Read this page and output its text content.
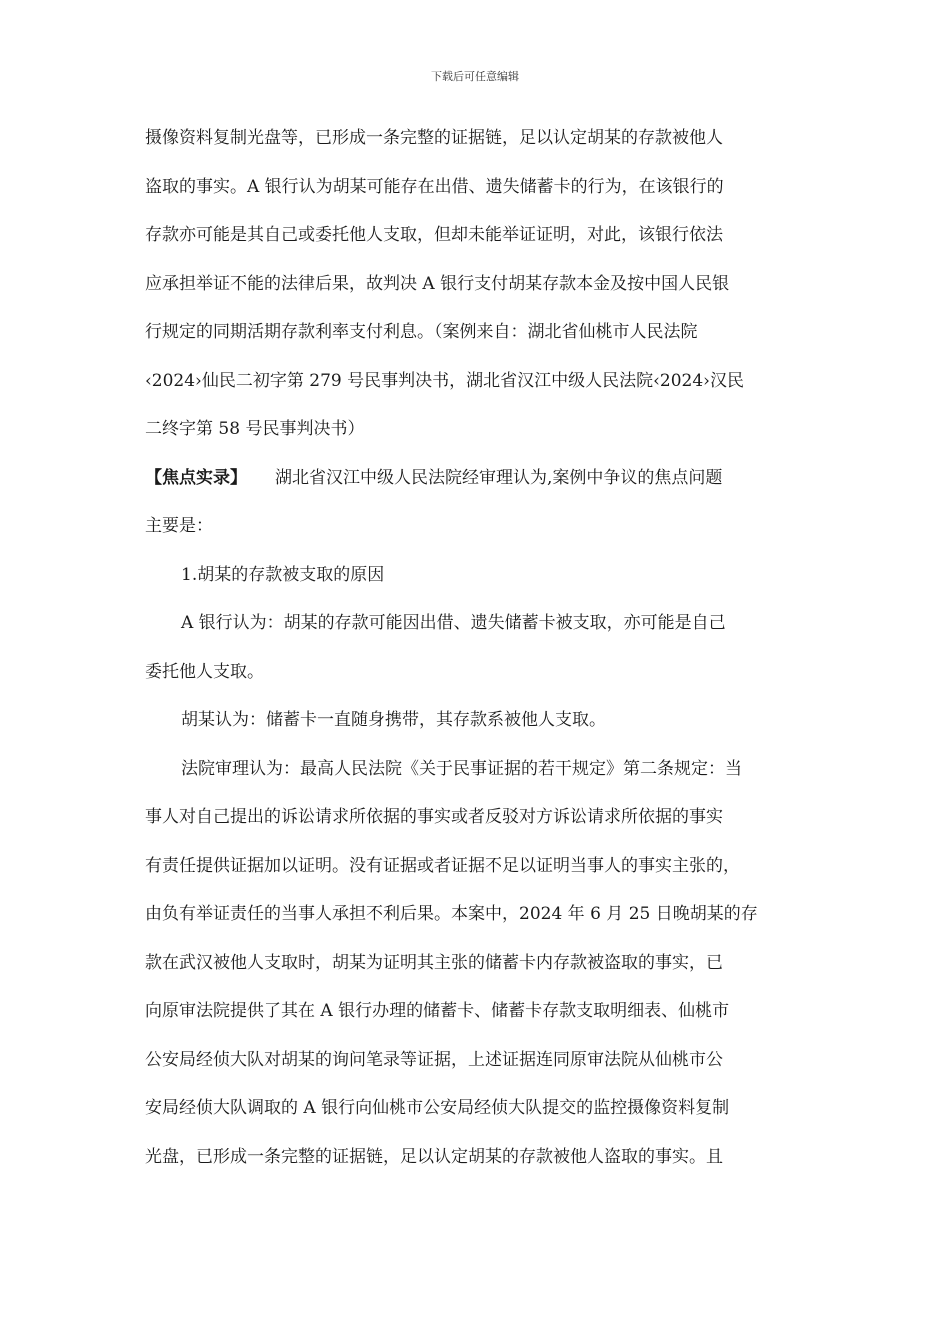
下载后可任意编辑
摄像资料复制光盘等，已形成一条完整的证据链，足以认定胡某的存款被他人
盗取的事实。A 银行认为胡某可能存在出借、遗失储蓄卡的行为，在该银行的
存款亦可能是其自己或委托他人支取，但却未能举证证明，对此，该银行依法
应承担举证不能的法律后果，故判决 A 银行支付胡某存款本金及按中国人民银
行规定的同期活期存款利率支付利息。（案例来自：湖北省仙桃市人民法院
‹2024›仙民二初字第 279 号民事判决书，湖北省汉江中级人民法院‹2024›汉民
二终字第 58 号民事判决书）
【焦点实录】 湖北省汉江中级人民法院经审理认为,案例中争议的焦点问题
主要是：
1.胡某的存款被支取的原因
A 银行认为：胡某的存款可能因出借、遗失储蓄卡被支取，亦可能是自己
委托他人支取。
胡某认为：储蓄卡一直随身携带，其存款系被他人支取。
法院审理认为：最高人民法院《关于民事证据的若干规定》第二条规定：当
事人对自己提出的诉讼请求所依据的事实或者反驳对方诉讼请求所依据的事实
有责任提供证据加以证明。没有证据或者证据不足以证明当事人的事实主张的，
由负有举证责任的当事人承担不利后果。本案中，2024 年 6 月 25 日晚胡某的存
款在武汉被他人支取时，胡某为证明其主张的储蓄卡内存款被盗取的事实，已
向原审法院提供了其在 A 银行办理的储蓄卡、储蓄卡存款支取明细表、仙桃市
公安局经侦大队对胡某的询问笔录等证据，上述证据连同原审法院从仙桃市公
安局经侦大队调取的 A 银行向仙桃市公安局经侦大队提交的监控摄像资料复制
光盘，已形成一条完整的证据链，足以认定胡某的存款被他人盗取的事实。且
